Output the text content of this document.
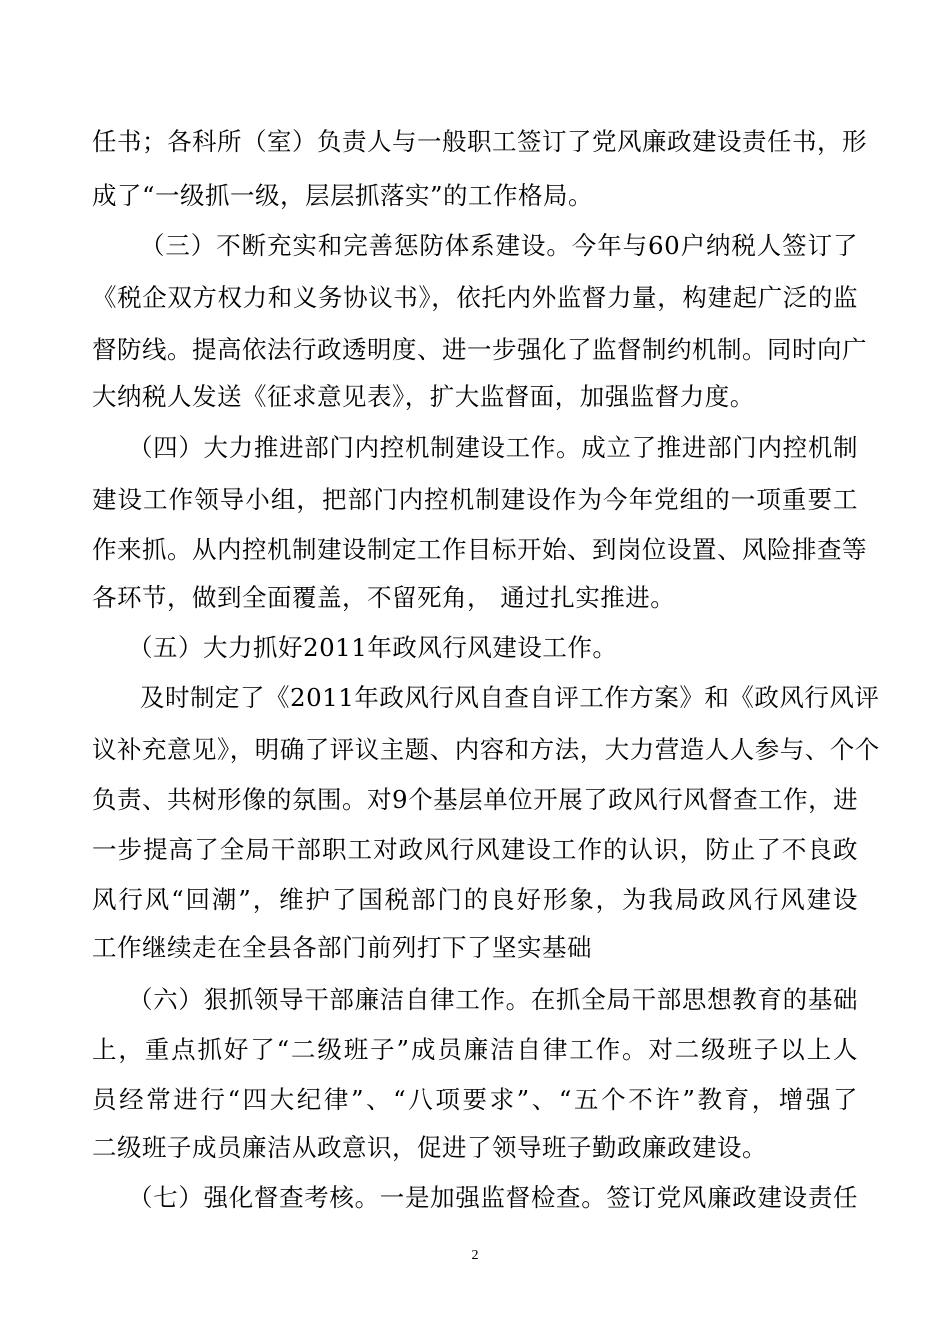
任书；各科所（室）负责人与一般职工签订了党风廉政建设责任书，形
成了“一级抓一级，层层抓落实”的工作格局。
（三）不断充实和完善惩防体系建设。今年与60户纳税人签订了
《税企双方权力和义务协议书》，依托内外监督力量，构建起广泛的监
督防线。提高依法行政透明度、进一步强化了监督制约机制。同时向广
大纳税人发送《征求意见表》，扩大监督面，加强监督力度。
（四）大力推进部门内控机制建设工作。成立了推进部门内控机制
建设工作领导小组，把部门内控机制建设作为今年党组的一项重要工
作来抓。从内控机制建设制定工作目标开始、到岗位设置、风险排查等
各环节，做到全面覆盖，不留死角， 通过扎实推进。
（五）大力抓好2011年政风行风建设工作。
及时制定了《2011年政风行风自查自评工作方案》和《政风行风评
议补充意见》，明确了评议主题、内容和方法，大力营造人人参与、个个
负责、共树形像的氛围。对9个基层单位开展了政风行风督查工作，进
一步提高了全局干部职工对政风行风建设工作的认识，防止了不良政
风行风“回潮”，维护了国税部门的良好形象，为我局政风行风建设
工作继续走在全县各部门前列打下了坚实基础
（六）狠抓领导干部廉洁自律工作。在抓全局干部思想教育的基础
上，重点抓好了“二级班子”成员廉洁自律工作。对二级班子以上人
员经常进行“四大纪律”、“八项要求”、“五个不许”教育，增强了
二级班子成员廉洁从政意识，促进了领导班子勤政廉政建设。
（七）强化督查考核。一是加强监督检查。签订党风廉政建设责任
2
